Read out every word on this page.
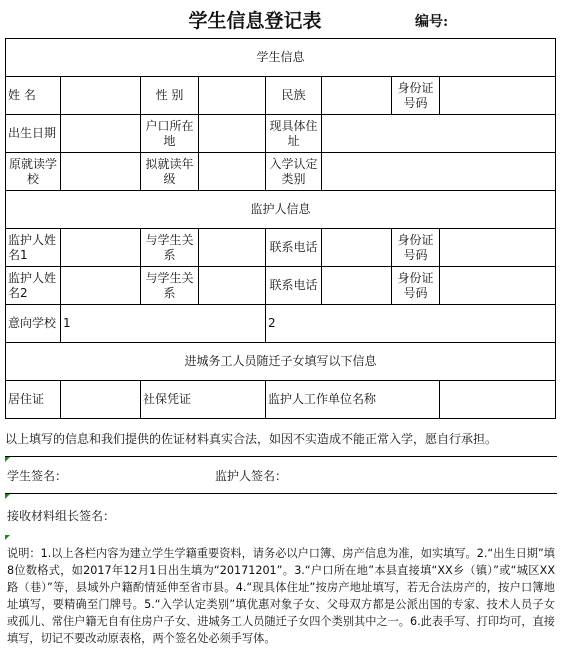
学生信息登记表	编号:
学生信息							
姓 名		性 别		民族		身份证号码	
出生日期		户口所在地		现具体住址			
原就读学校		拟就读年级		入学认定类别			
监护人信息							
监护人姓名1		与学生关系		联系电话		身份证号码	
监护人姓名2		与学生关系		联系电话		身份证号码	
意向学校	1			2			
进城务工人员随迁子女填写以下信息							
居住证		社保凭证		监护人工作单位名称			
以上填写的信息和我们提供的佐证材料真实合法，如因不实造成不能正常入学，愿自行承担。
学生签名：	监护人签名：
接收材料组长签名：
说明：1.以上各栏内容为建立学生学籍重要资料，请务必以户口簿、房产信息为准，如实填写。2.“出生日期”填8位数格式，如2017年12月1日出生填为“20171201”。3.“户口所在地”本县直接填“XX乡（镇）”或“城区XX路（巷）”等，县域外户籍酌情延伸至省市县。4.“现具体住址”按房产地址填写，若无合法房产的，按户口簿地址填写，要精确至门牌号。5.“入学认定类别”填优惠对象子女、父母双方都是公派出国的专家、技术人员子女或孤儿、常住户籍无自有住房户子女、进城务工人员随迁子女四个类别其中之一。6.此表手写、打印均可，直接填写，切记不要改动原表格，两个签名处必须手写体。
